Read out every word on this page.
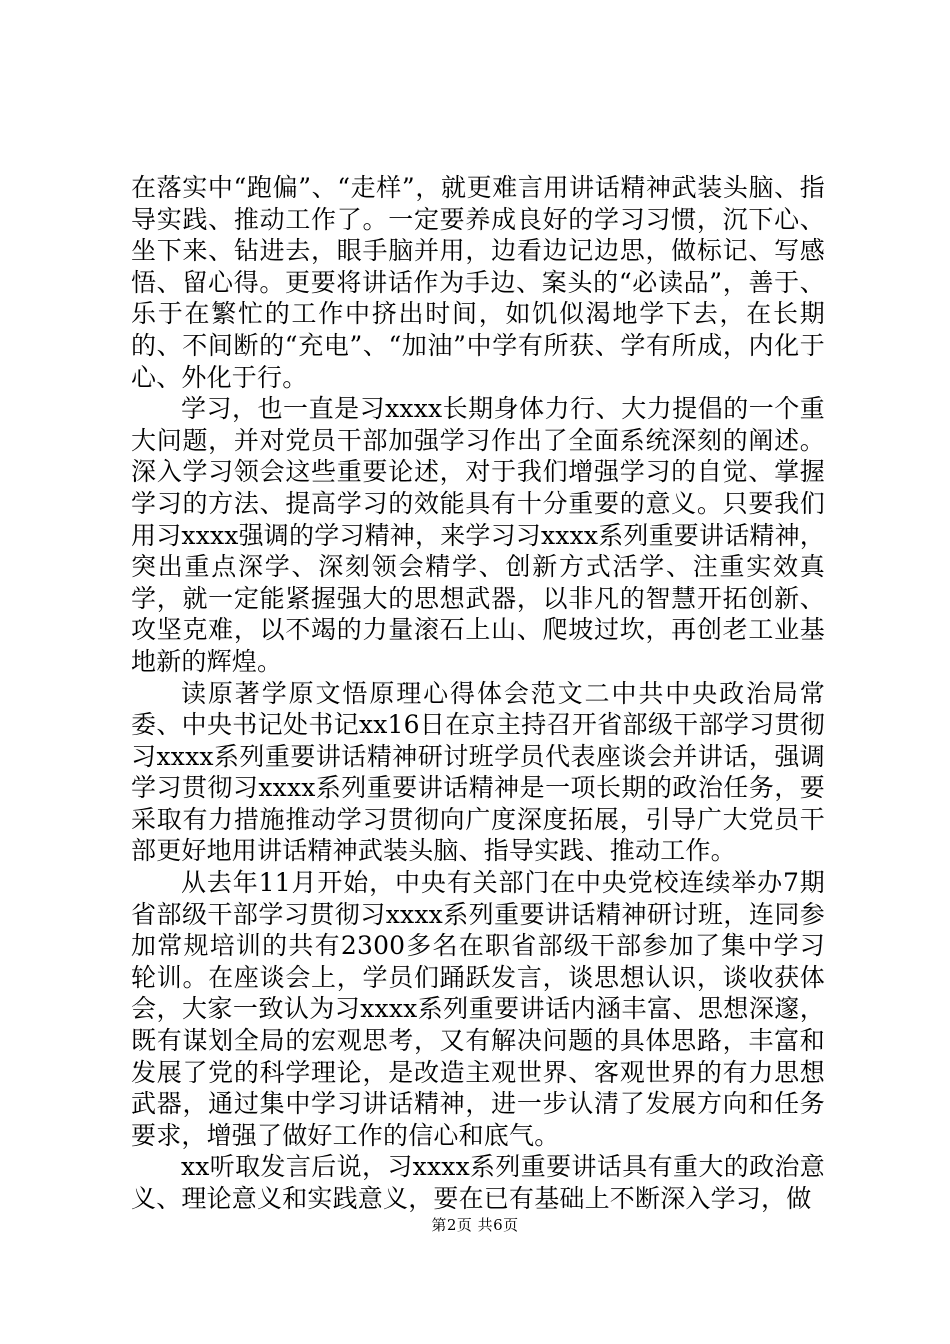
在落实中“跑偏”、“走样”，就更难言用讲话精神武装头脑、指导实践、推动工作了。一定要养成良好的学习习惯，沉下心、坐下来、钻进去，眼手脑并用，边看边记边思，做标记、写感悟、留心得。更要将讲话作为手边、案头的“必读品”，善于、乐于在繁忙的工作中挤出时间，如饥似渴地学下去，在长期的、不间断的“充电”、“加油”中学有所获、学有所成，内化于心、外化于行。

学习，也一直是习xxxx长期身体力行、大力提倡的一个重大问题，并对党员干部加强学习作出了全面系统深刻的阐述。深入学习领会这些重要论述，对于我们增强学习的自觉、掌握学习的方法、提高学习的效能具有十分重要的意义。只要我们用习xxxx强调的学习精神，来学习习xxxx系列重要讲话精神，突出重点深学、深刻领会精学、创新方式活学、注重实效真学，就一定能紧握强大的思想武器，以非凡的智慧开拓创新、攻坚克难，以不竭的力量滚石上山、爬坡过坎，再创老工业基地新的辉煌。

读原著学原文悟原理心得体会范文二中共中央政治局常委、中央书记处书记xx16日在京主持召开省部级干部学习贯彻习xxxx系列重要讲话精神研讨班学员代表座谈会并讲话，强调学习贯彻习xxxx系列重要讲话精神是一项长期的政治任务，要采取有力措施推动学习贯彻向广度深度拓展，引导广大党员干部更好地用讲话精神武装头脑、指导实践、推动工作。

从去年11月开始，中央有关部门在中央党校连续举办7期省部级干部学习贯彻习xxxx系列重要讲话精神研讨班，连同参加常规培训的共有2300多名在职省部级干部参加了集中学习轮训。在座谈会上，学员们踊跃发言，谈思想认识，谈收获体会，大家一致认为习xxxx系列重要讲话内涵丰富、思想深邃，既有谋划全局的宏观思考，又有解决问题的具体思路，丰富和发展了党的科学理论，是改造主观世界、客观世界的有力思想武器，通过集中学习讲话精神，进一步认清了发展方向和任务要求，增强了做好工作的信心和底气。

xx听取发言后说，习xxxx系列重要讲话具有重大的政治意义、理论意义和实践意义，要在已有基础上不断深入学习，做

第2页 共6页
